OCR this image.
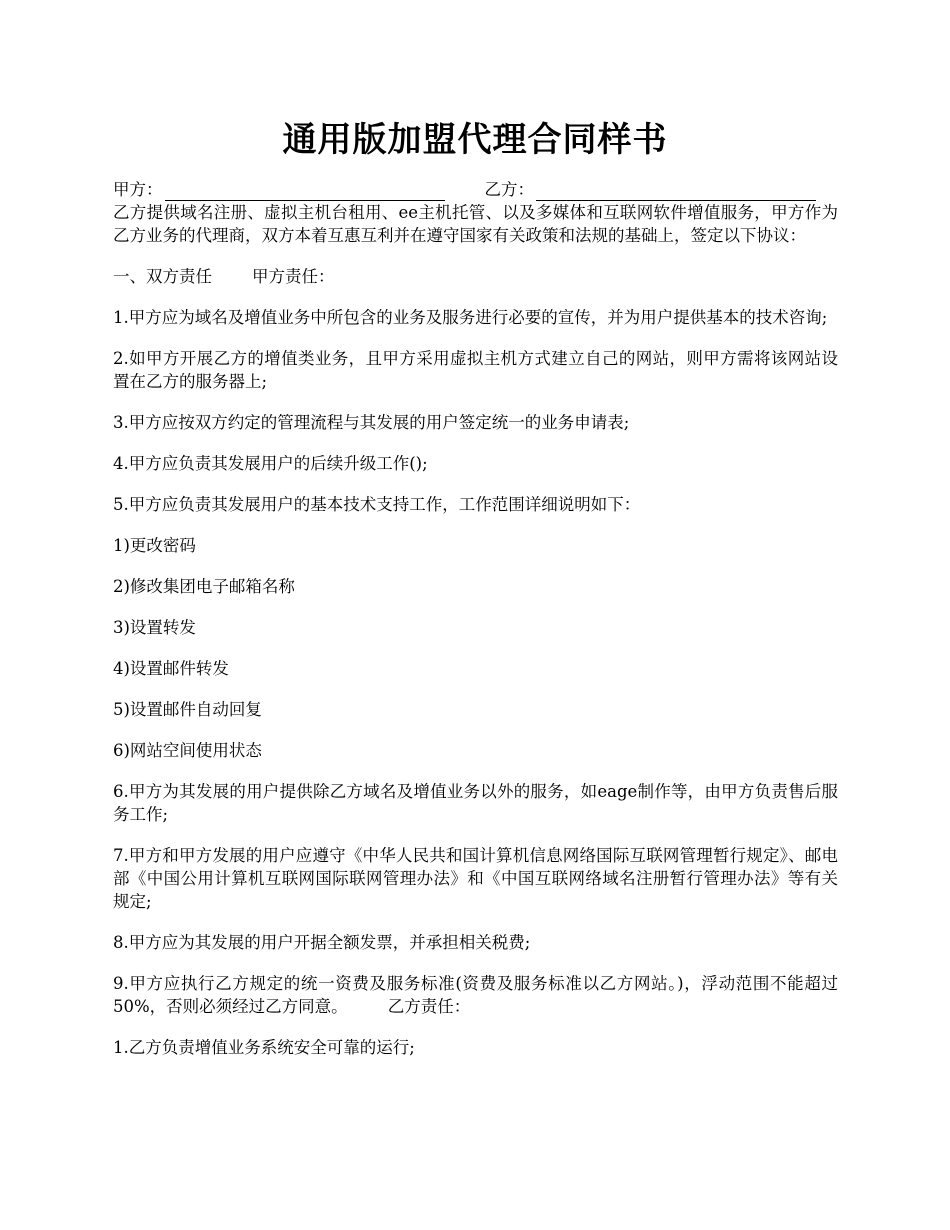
通用版加盟代理合同样书
甲方：	乙方：

乙方提供域名注册、虚拟主机台租用、ee主机托管、以及多媒体和互联网软件增值服务，甲方作为乙方业务的代理商，双方本着互惠互利并在遵守国家有关政策和法规的基础上，签定以下协议：

一、双方责任 甲方责任：

1.甲方应为域名及增值业务中所包含的业务及服务进行必要的宣传，并为用户提供基本的技术咨询;

2.如甲方开展乙方的增值类业务，且甲方采用虚拟主机方式建立自己的网站，则甲方需将该网站设置在乙方的服务器上;

3.甲方应按双方约定的管理流程与其发展的用户签定统一的业务申请表;

4.甲方应负责其发展用户的后续升级工作();

5.甲方应负责其发展用户的基本技术支持工作，工作范围详细说明如下：

1)更改密码

2)修改集团电子邮箱名称

3)设置转发

4)设置邮件转发

5)设置邮件自动回复

6)网站空间使用状态

6.甲方为其发展的用户提供除乙方域名及增值业务以外的服务，如eage制作等，由甲方负责售后服务工作;

7.甲方和甲方发展的用户应遵守《中华人民共和国计算机信息网络国际互联网管理暂行规定》、邮电部《中国公用计算机互联网国际联网管理办法》和《中国互联网络域名注册暂行管理办法》等有关规定;

8.甲方应为其发展的用户开据全额发票，并承担相关税费;

9.甲方应执行乙方规定的统一资费及服务标准(资费及服务标准以乙方网站。)，浮动范围不能超过50%，否则必须经过乙方同意。 乙方责任：

1.乙方负责增值业务系统安全可靠的运行;
